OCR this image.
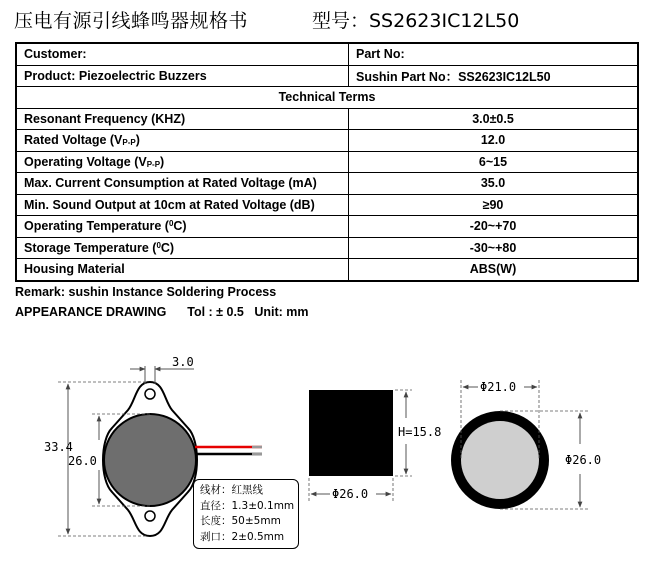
压电有源引线蜂鸣器规格书	型号：SS2623IC12L50
Customer:	Part No:
Product: Piezoelectric Buzzers	Sushin Part No：SS2623IC12L50
Technical Terms	
Resonant Frequency (KHZ)	3.0±0.5
Rated Voltage (VP-P)	12.0
Operating Voltage (VP-P)	6~15
Max. Current Consumption at Rated Voltage (mA)	35.0
Min. Sound Output at 10cm at Rated Voltage (dB)	≥90
Operating Temperature ($^0$C)	-20~+70
Storage Temperature ($^0$C)	-30~+80
Housing Material	ABS(W)
Remark: sushin Instance Soldering Process
APPEARANCE DRAWING Tol : ± 0.5 Unit: mm
3.0
33.4
26.0
H=15.8
Φ26.0
Φ21.0
Φ26.0
线材：红黑线
直径：1.3±0.1mm
长度：50±5mm
剥口：2±0.5mm
